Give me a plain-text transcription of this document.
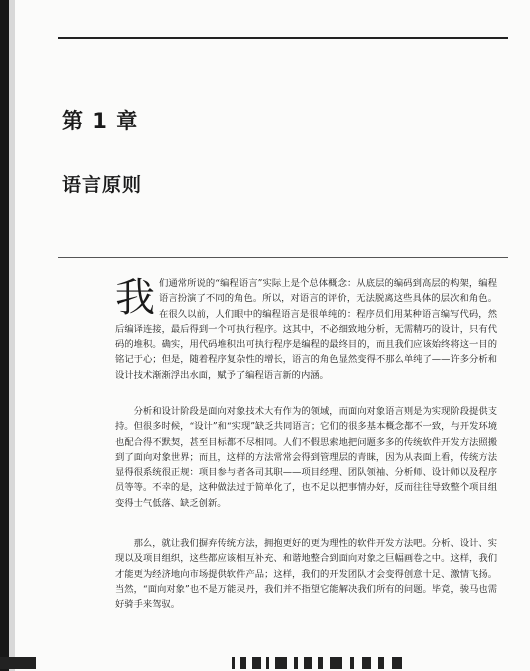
第 1 章
语言原则
我们通常所说的“编程语言”实际上是个总体概念：从底层的编码到高层的构架，编程语言扮演了不同的角色。所以，对语言的评价，无法脱离这些具体的层次和角色。在很久以前，人们眼中的编程语言是很单纯的：程序员们用某种语言编写代码，然后编译连接，最后得到一个可执行程序。这其中，不必细致地分析，无需精巧的设计，只有代码的堆积。确实，用代码堆积出可执行程序是编程的最终目的，而且我们应该始终将这一目的铭记于心；但是，随着程序复杂性的增长，语言的角色显然变得不那么单纯了——许多分析和设计技术渐渐浮出水面，赋予了编程语言新的内涵。
分析和设计阶段是面向对象技术大有作为的领域，而面向对象语言则是为实现阶段提供支持。但很多时候，“设计”和“实现”缺乏共同语言；它们的很多基本概念都不一致，与开发环境也配合得不默契，甚至目标都不尽相同。人们不假思索地把问题多多的传统软件开发方法照搬到了面向对象世界；而且，这样的方法常常会得到管理层的青睐，因为从表面上看，传统方法显得很系统很正规：项目参与者各司其职——项目经理、团队领袖、分析师、设计师以及程序员等等。不幸的是，这种做法过于简单化了，也不足以把事情办好，反而往往导致整个项目组变得士气低落、缺乏创新。
那么，就让我们摒弃传统方法，拥抱更好的更为理性的软件开发方法吧。分析、设计、实现以及项目组织，这些都应该相互补充、和谐地整合到面向对象之巨幅画卷之中。这样，我们才能更为经济地向市场提供软件产品；这样，我们的开发团队才会变得创意十足、激情飞扬。当然，“面向对象”也不是万能灵丹，我们并不指望它能解决我们所有的问题。毕竟，骏马也需好骑手来驾驭。
